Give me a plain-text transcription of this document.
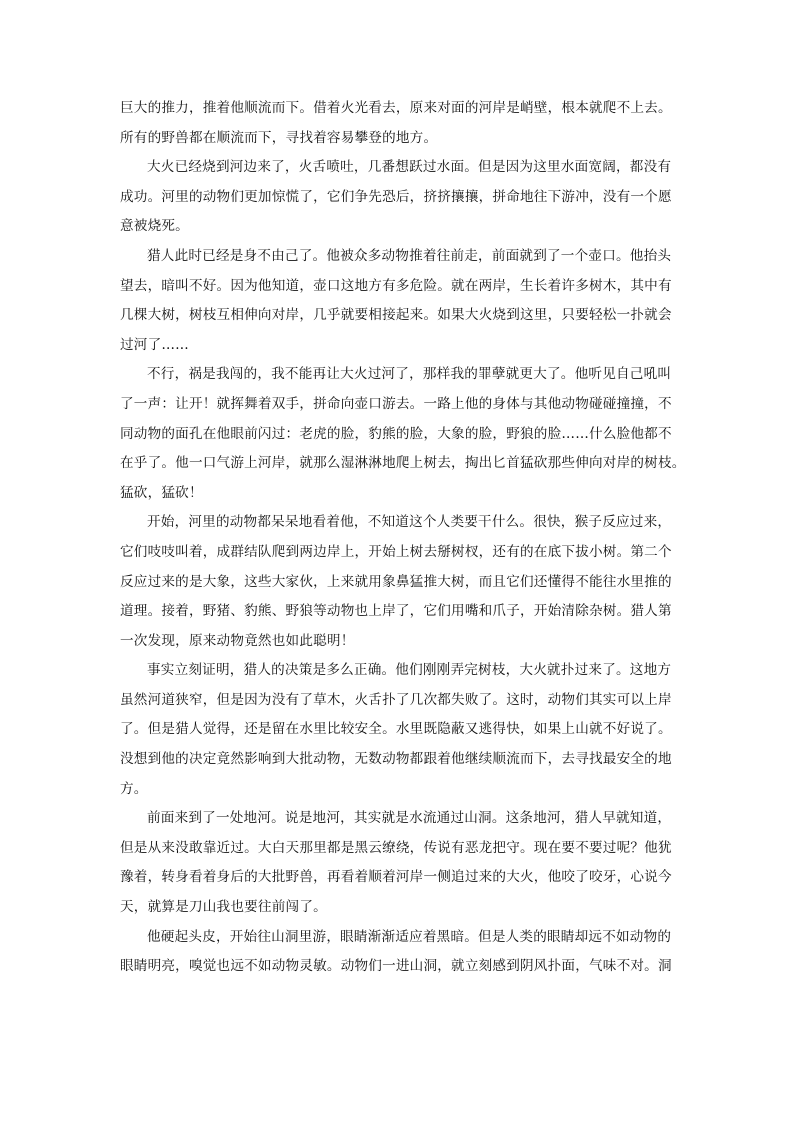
巨大的推力，推着他顺流而下。借着火光看去，原来对面的河岸是峭壁，根本就爬不上去。
所有的野兽都在顺流而下，寻找着容易攀登的地方。
大火已经烧到河边来了，火舌喷吐，几番想跃过水面。但是因为这里水面宽阔，都没有
成功。河里的动物们更加惊慌了，它们争先恐后，挤挤攘攘，拼命地往下游冲，没有一个愿
意被烧死。
猎人此时已经是身不由己了。他被众多动物推着往前走，前面就到了一个壶口。他抬头
望去，暗叫不好。因为他知道，壶口这地方有多危险。就在两岸，生长着许多树木，其中有
几棵大树，树枝互相伸向对岸，几乎就要相接起来。如果大火烧到这里，只要轻松一扑就会
过河了……
不行，祸是我闯的，我不能再让大火过河了，那样我的罪孽就更大了。他听见自己吼叫
了一声：让开！就挥舞着双手，拼命向壶口游去。一路上他的身体与其他动物碰碰撞撞，不
同动物的面孔在他眼前闪过：老虎的脸，豹熊的脸，大象的脸，野狼的脸……什么脸他都不
在乎了。他一口气游上河岸，就那么湿淋淋地爬上树去，掏出匕首猛砍那些伸向对岸的树枝。
猛砍，猛砍！
开始，河里的动物都呆呆地看着他，不知道这个人类要干什么。很快，猴子反应过来，
它们吱吱叫着，成群结队爬到两边岸上，开始上树去掰树杈，还有的在底下拔小树。第二个
反应过来的是大象，这些大家伙，上来就用象鼻猛推大树，而且它们还懂得不能往水里推的
道理。接着，野猪、豹熊、野狼等动物也上岸了，它们用嘴和爪子，开始清除杂树。猎人第
一次发现，原来动物竟然也如此聪明！
事实立刻证明，猎人的决策是多么正确。他们刚刚弄完树枝，大火就扑过来了。这地方
虽然河道狭窄，但是因为没有了草木，火舌扑了几次都失败了。这时，动物们其实可以上岸
了。但是猎人觉得，还是留在水里比较安全。水里既隐蔽又逃得快，如果上山就不好说了。
没想到他的决定竟然影响到大批动物，无数动物都跟着他继续顺流而下，去寻找最安全的地
方。
前面来到了一处地河。说是地河，其实就是水流通过山洞。这条地河，猎人早就知道，
但是从来没敢靠近过。大白天那里都是黑云缭绕，传说有恶龙把守。现在要不要过呢？他犹
豫着，转身看着身后的大批野兽，再看着顺着河岸一侧追过来的大火，他咬了咬牙，心说今
天，就算是刀山我也要往前闯了。
他硬起头皮，开始往山洞里游，眼睛渐渐适应着黑暗。但是人类的眼睛却远不如动物的
眼睛明亮，嗅觉也远不如动物灵敏。动物们一进山洞，就立刻感到阴风扑面，气味不对。洞
